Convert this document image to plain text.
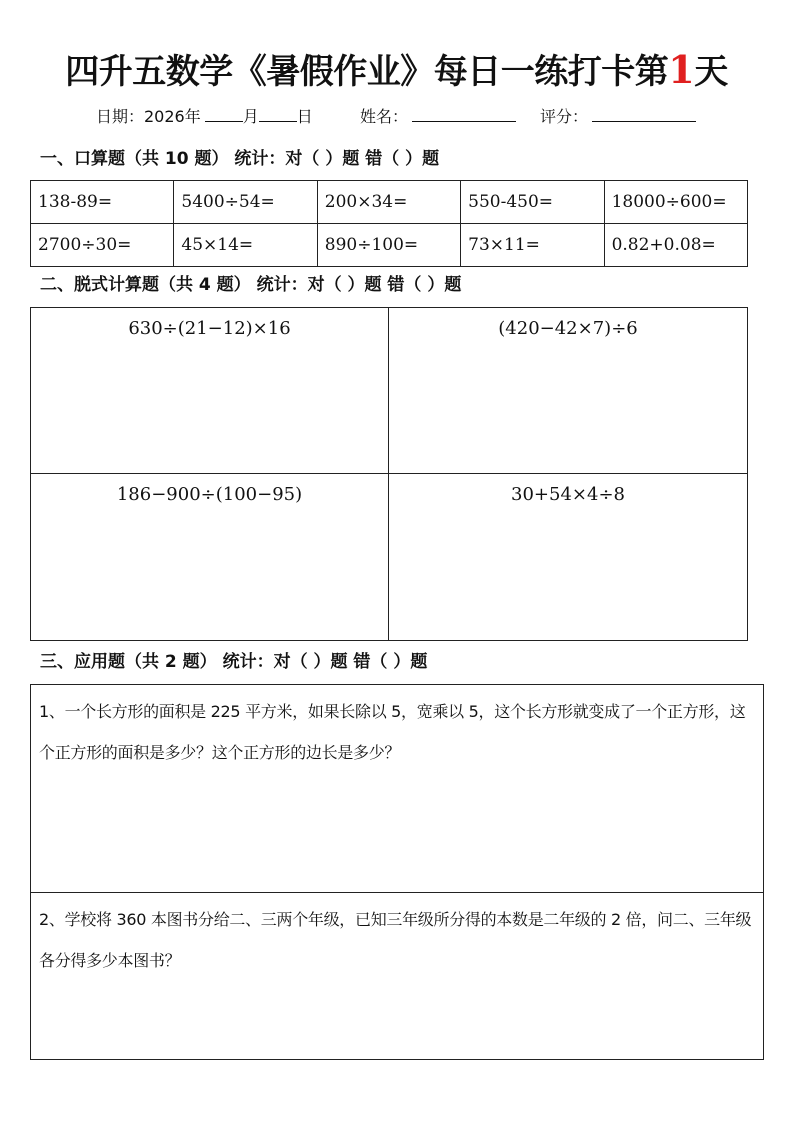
四升五数学《暑假作业》每日一练打卡第1天
日期：2026年	月 日	姓名：	评分：
一、口算题（共 10 题） 统计：对（ ）题 错（ ）题
138-89=	5400÷54=	200×34=	550-450=	18000÷600=
2700÷30=	45×14=	890÷100=	73×11=	0.82+0.08=
二、脱式计算题（共 4 题） 统计：对（ ）题 错（ ）题
630÷(21−12)×16	(420−42×7)÷6
186−900÷(100−95)	30+54×4÷8
三、应用题（共 2 题） 统计：对（ ）题 错（ ）题
1、一个长方形的面积是 225 平方米，如果长除以 5，宽乘以 5，这个长方形就变成了一个正方形，这个正方形的面积是多少？这个正方形的边长是多少？
2、学校将 360 本图书分给二、三两个年级，已知三年级所分得的本数是二年级的 2 倍，问二、三年级各分得多少本图书？
